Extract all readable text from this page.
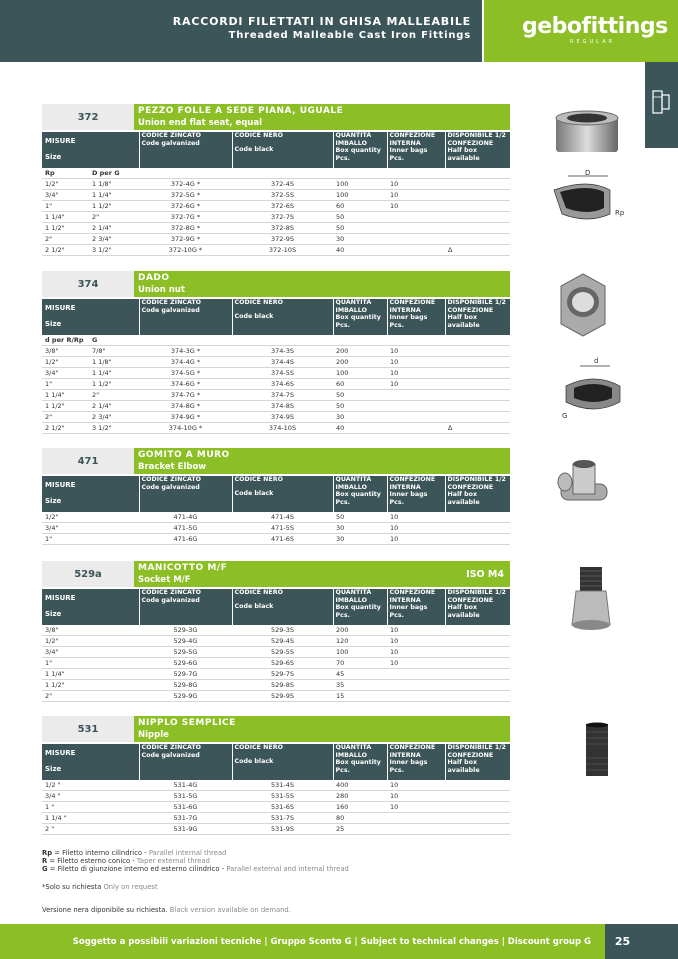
RACCORDI FILETTATI IN GHISA MALLEABILE
Threaded Malleable Cast Iron Fittings gebofittings
REGULAR
372
PEZZO FOLLE A SEDE PIANA, UGUALE
Union end flat seat, equal
MISURE
Size		CODICE ZINCATO
Code galvanized	CODICE NERO
Code black	QUANTITÀ IMBALLO
Box quantity Pcs.	CONFEZIONE INTERNA
Inner bags Pcs.	DISPONIBILE 1/2 CONFEZIONE
Half box available

Rp	D per G					
1/2"	1 1/8"	372-4G *	372-4S	100	10	
3/4"	1 1/4"	372-5G *	372-5S	100	10	
1"	1 1/2"	372-6G *	372-6S	60	10	
1 1/4"	2"	372-7G *	372-7S	50		
1 1/2"	2 1/4"	372-8G *	372-8S	50		
2"	2 3/4"	372-9G *	372-9S	30		
2 1/2"	3 1/2"	372-10G *	372-10S	40		∆
374
DADO
Union nut
MISURE
Size		CODICE ZINCATO
Code galvanized	CODICE NERO
Code black	QUANTITÀ IMBALLO
Box quantity Pcs.	CONFEZIONE INTERNA
Inner bags Pcs.	DISPONIBILE 1/2 CONFEZIONE
Half box available

d per R/Rp	G					
3/8"	7/8"	374-3G *	374-3S	200	10	
1/2"	1 1/8"	374-4G *	374-4S	200	10	
3/4"	1 1/4"	374-5G *	374-5S	100	10	
1"	1 1/2"	374-6G *	374-6S	60	10	
1 1/4"	2"	374-7G *	374-7S	50		
1 1/2"	2 1/4"	374-8G *	374-8S	50		
2"	2 3/4"	374-9G *	374-9S	30		
2 1/2"	3 1/2"	374-10G *	374-10S	40		∆
471
GOMITO A MURO
Bracket Elbow
MISURE
Size		CODICE ZINCATO
Code galvanized	CODICE NERO
Code black	QUANTITÀ IMBALLO
Box quantity Pcs.	CONFEZIONE INTERNA
Inner bags Pcs.	DISPONIBILE 1/2 CONFEZIONE
Half box available

1/2"		471-4G	471-4S	50	10	
3/4"		471-5G	471-5S	30	10	
1"		471-6G	471-6S	30	10	
529a
MANICOTTO M/F
Socket M/F	ISO M4
MISURE
Size		CODICE ZINCATO
Code galvanized	CODICE NERO
Code black	QUANTITÀ IMBALLO
Box quantity Pcs.	CONFEZIONE INTERNA
Inner bags Pcs.	DISPONIBILE 1/2 CONFEZIONE
Half box available

3/8"		529-3G	529-3S	200	10	
1/2"		529-4G	529-4S	120	10	
3/4"		529-5G	529-5S	100	10	
1"		529-6G	529-6S	70	10	
1 1/4"		529-7G	529-7S	45		
1 1/2"		529-8G	529-8S	35		
2"		529-9G	529-9S	15		
531
NIPPLO SEMPLICE
Nipple
MISURE
Size		CODICE ZINCATO
Code galvanized	CODICE NERO
Code black	QUANTITÀ IMBALLO
Box quantity Pcs.	CONFEZIONE INTERNA
Inner bags Pcs.	DISPONIBILE 1/2 CONFEZIONE
Half box available

1/2 "		531-4G	531-4S	400	10	
3/4 "		531-5G	531-5S	280	10	
1 "		531-6G	531-6S	160	10	
1 1/4 "		531-7G	531-7S	80		
2 "		531-9G	531-9S	25		
D
Rp
d
G
Rp = Filetto interno cilindrico - Parallel internal thread
R = Filetto esterno conico - Taper external thread
G = Filetto di giunzione interno ed esterno cilindrico - Parallel external and internal thread
*Solo su richiesta Only on request
Versione nera diponibile su richiesta. Black version available on demand.
Soggetto a possibili variazioni tecniche | Gruppo Sconto G | Subject to technical changes | Discount group G	25
